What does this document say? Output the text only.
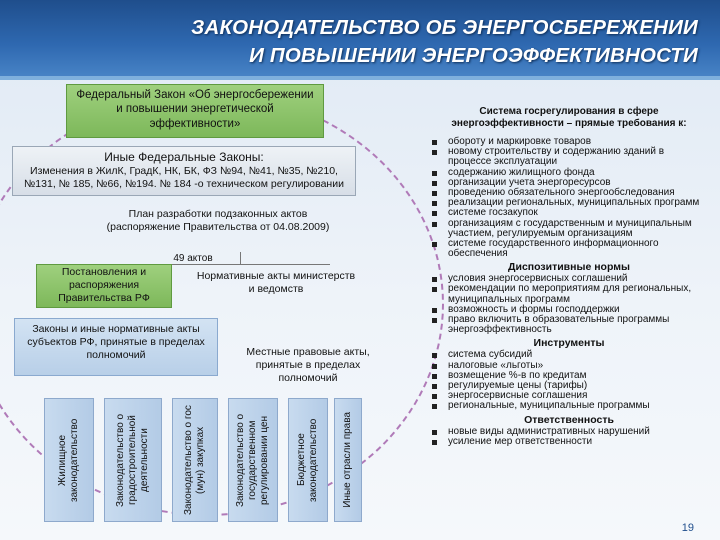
ЗАКОНОДАТЕЛЬСТВО ОБ ЭНЕРГОСБЕРЕЖЕНИИ
И ПОВЫШЕНИИ ЭНЕРГОЭФФЕКТИВНОСТИ
Федеральный Закон «Об энергосбережении и повышении энергетической эффективности»
Иные Федеральные Законы:
Изменения в ЖилК, ГрадК, НК, БК, ФЗ №94, №41, №35, №210, №131, № 185, №66, №194. № 184 -о техническом регулировании
План разработки подзаконных актов (распоряжение Правительства от 04.08.2009)
49 актов
Постановления и распоряжения Правительства РФ
Нормативные акты министерств и ведомств
Законы и иные нормативные акты субъектов РФ, принятые в пределах полномочий	Местные правовые акты, принятые в пределах полномочий
Жилищное законодательство	Законодательство о градостроительной деятельности	Законодательство о гос (мун) закупках	Законодательство о государственном регулировании цен	Бюджетное законодательство Иные отрасли права
Система госрегулирования в сфере энергоэффективности – прямые требования к:
обороту и маркировке товаров
новому строительству и содержанию зданий в процессе эксплуатации
содержанию жилищного фонда
организации учета энергоресурсов
проведению обязательного энергообследования
реализации региональных, муниципальных программ
системе госзакупок
организациям с государственным и муниципальным участием, регулируемым организациям
системе государственного информационного обеспечения
Диспозитивные нормы
условия энергосервисных соглашений
рекомендации по мероприятиям для региональных, муниципальных программ
возможность и формы господдержки
право включить в образовательные программы энергоэффективность
Инструменты
система субсидий
налоговые «льготы»
возмещение %-в по кредитам
регулируемые цены (тарифы)
энергосервисные соглашения
региональные, муниципальные программы
Ответственность
новые виды административных нарушений
усиление мер ответственности
19
